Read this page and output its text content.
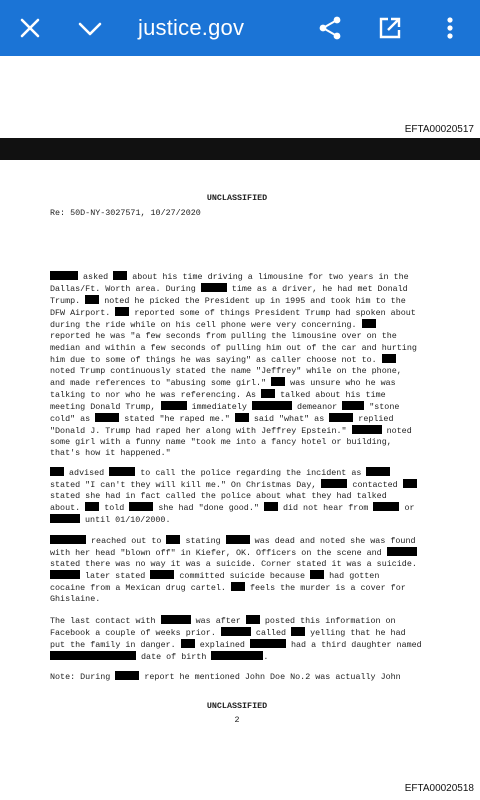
justice.gov
EFTA00020517
UNCLASSIFIED
Re: 50D-NY-3027571, 10/27/2020
asked  about his time driving a limousine for two years in the
Dallas/Ft. Worth area. During	time as a driver, he had met Donald
Trump.  noted he picked the President up in 1995 and took him to the
DFW Airport.  reported some of things President Trump had spoken about
during the ride while on his cell phone were very concerning.
reported he was "a few seconds from pulling the limousine over on the
median and within a few seconds of pulling him out of the car and hurting
him due to some of things he was saying" as caller choose not to.
noted Trump continuously stated the name "Jeffrey" while on the phone,
and made references to "abusing some girl."  was unsure who he was
talking to nor who he was referencing. As  talked about his time
meeting Donald Trump,	immediately	demeanor	"stone
cold" as	stated "he raped me."  said "what" as	replied
"Donald J. Trump had raped her along with Jeffrey Epstein."	noted
some girl with a funny name "took me into a fancy hotel or building,
that's how it happened."
advised	to call the police regarding the incident as
stated "I can't they will kill me." On Christmas Day,	contacted
stated she had in fact called the police about what they had talked
about.  told	she had "done good."  did not hear from	or
until 01/10/2000.
reached out to  stating	was dead and noted she was found
with her head "blown off" in Kiefer, OK. Officers on the scene and
stated there was no way it was a suicide. Corner stated it was a suicide.
later stated	committed suicide because  had gotten
cocaine from a Mexican drug cartel.  feels the murder is a cover for
Ghislaine.
The last contact with	was after  posted this information on
Facebook a couple of weeks prior.	called  yelling that he had
put the family in danger.  explained	had a third daughter named
date of birth	.
Note: During	report he mentioned John Doe No.2 was actually John
UNCLASSIFIED
2
EFTA00020518
